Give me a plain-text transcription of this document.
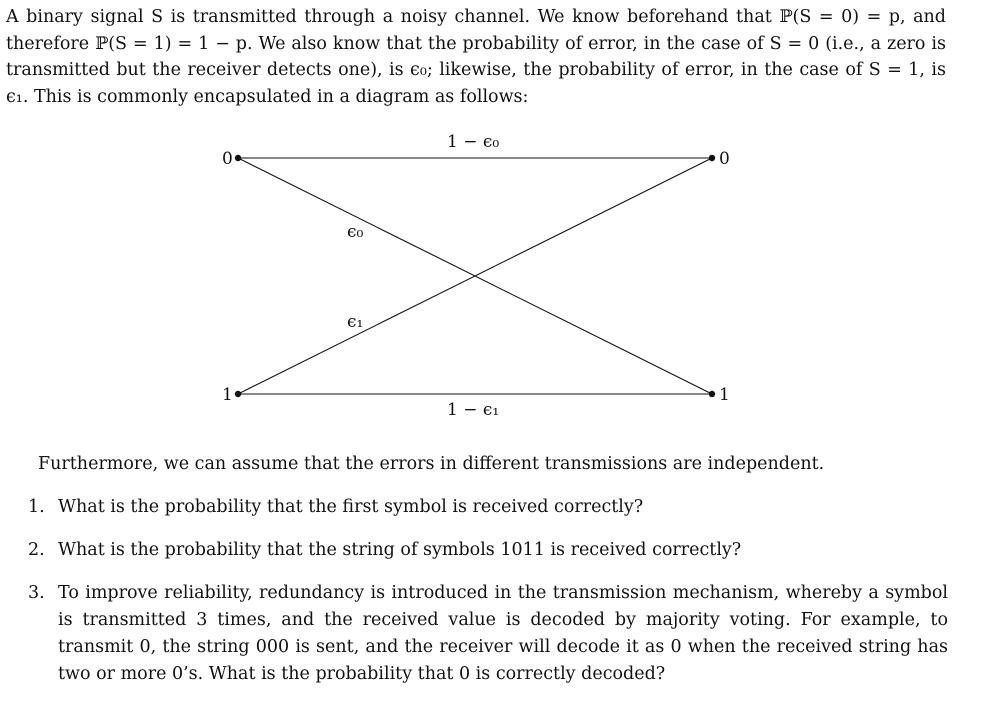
A binary signal S is transmitted through a noisy channel. We know beforehand that ℙ(S = 0) = p, and therefore ℙ(S = 1) = 1 − p. We also know that the probability of error, in the case of S = 0 (i.e., a zero is transmitted but the receiver detects one), is ϵ₀; likewise, the probability of error, in the case of S = 1, is ϵ₁. This is commonly encapsulated in a diagram as follows:

0
1
0
1
1 − ϵ₀
1 − ϵ₁
ϵ₀
ϵ₁

Furthermore, we can assume that the errors in different transmissions are independent.

1. What is the probability that the first symbol is received correctly?
2. What is the probability that the string of symbols 1011 is received correctly?
3. To improve reliability, redundancy is introduced in the transmission mechanism, whereby a symbol is transmitted 3 times, and the received value is decoded by majority voting. For example, to transmit 0, the string 000 is sent, and the receiver will decode it as 0 when the received string has two or more 0’s. What is the probability that 0 is correctly decoded?
